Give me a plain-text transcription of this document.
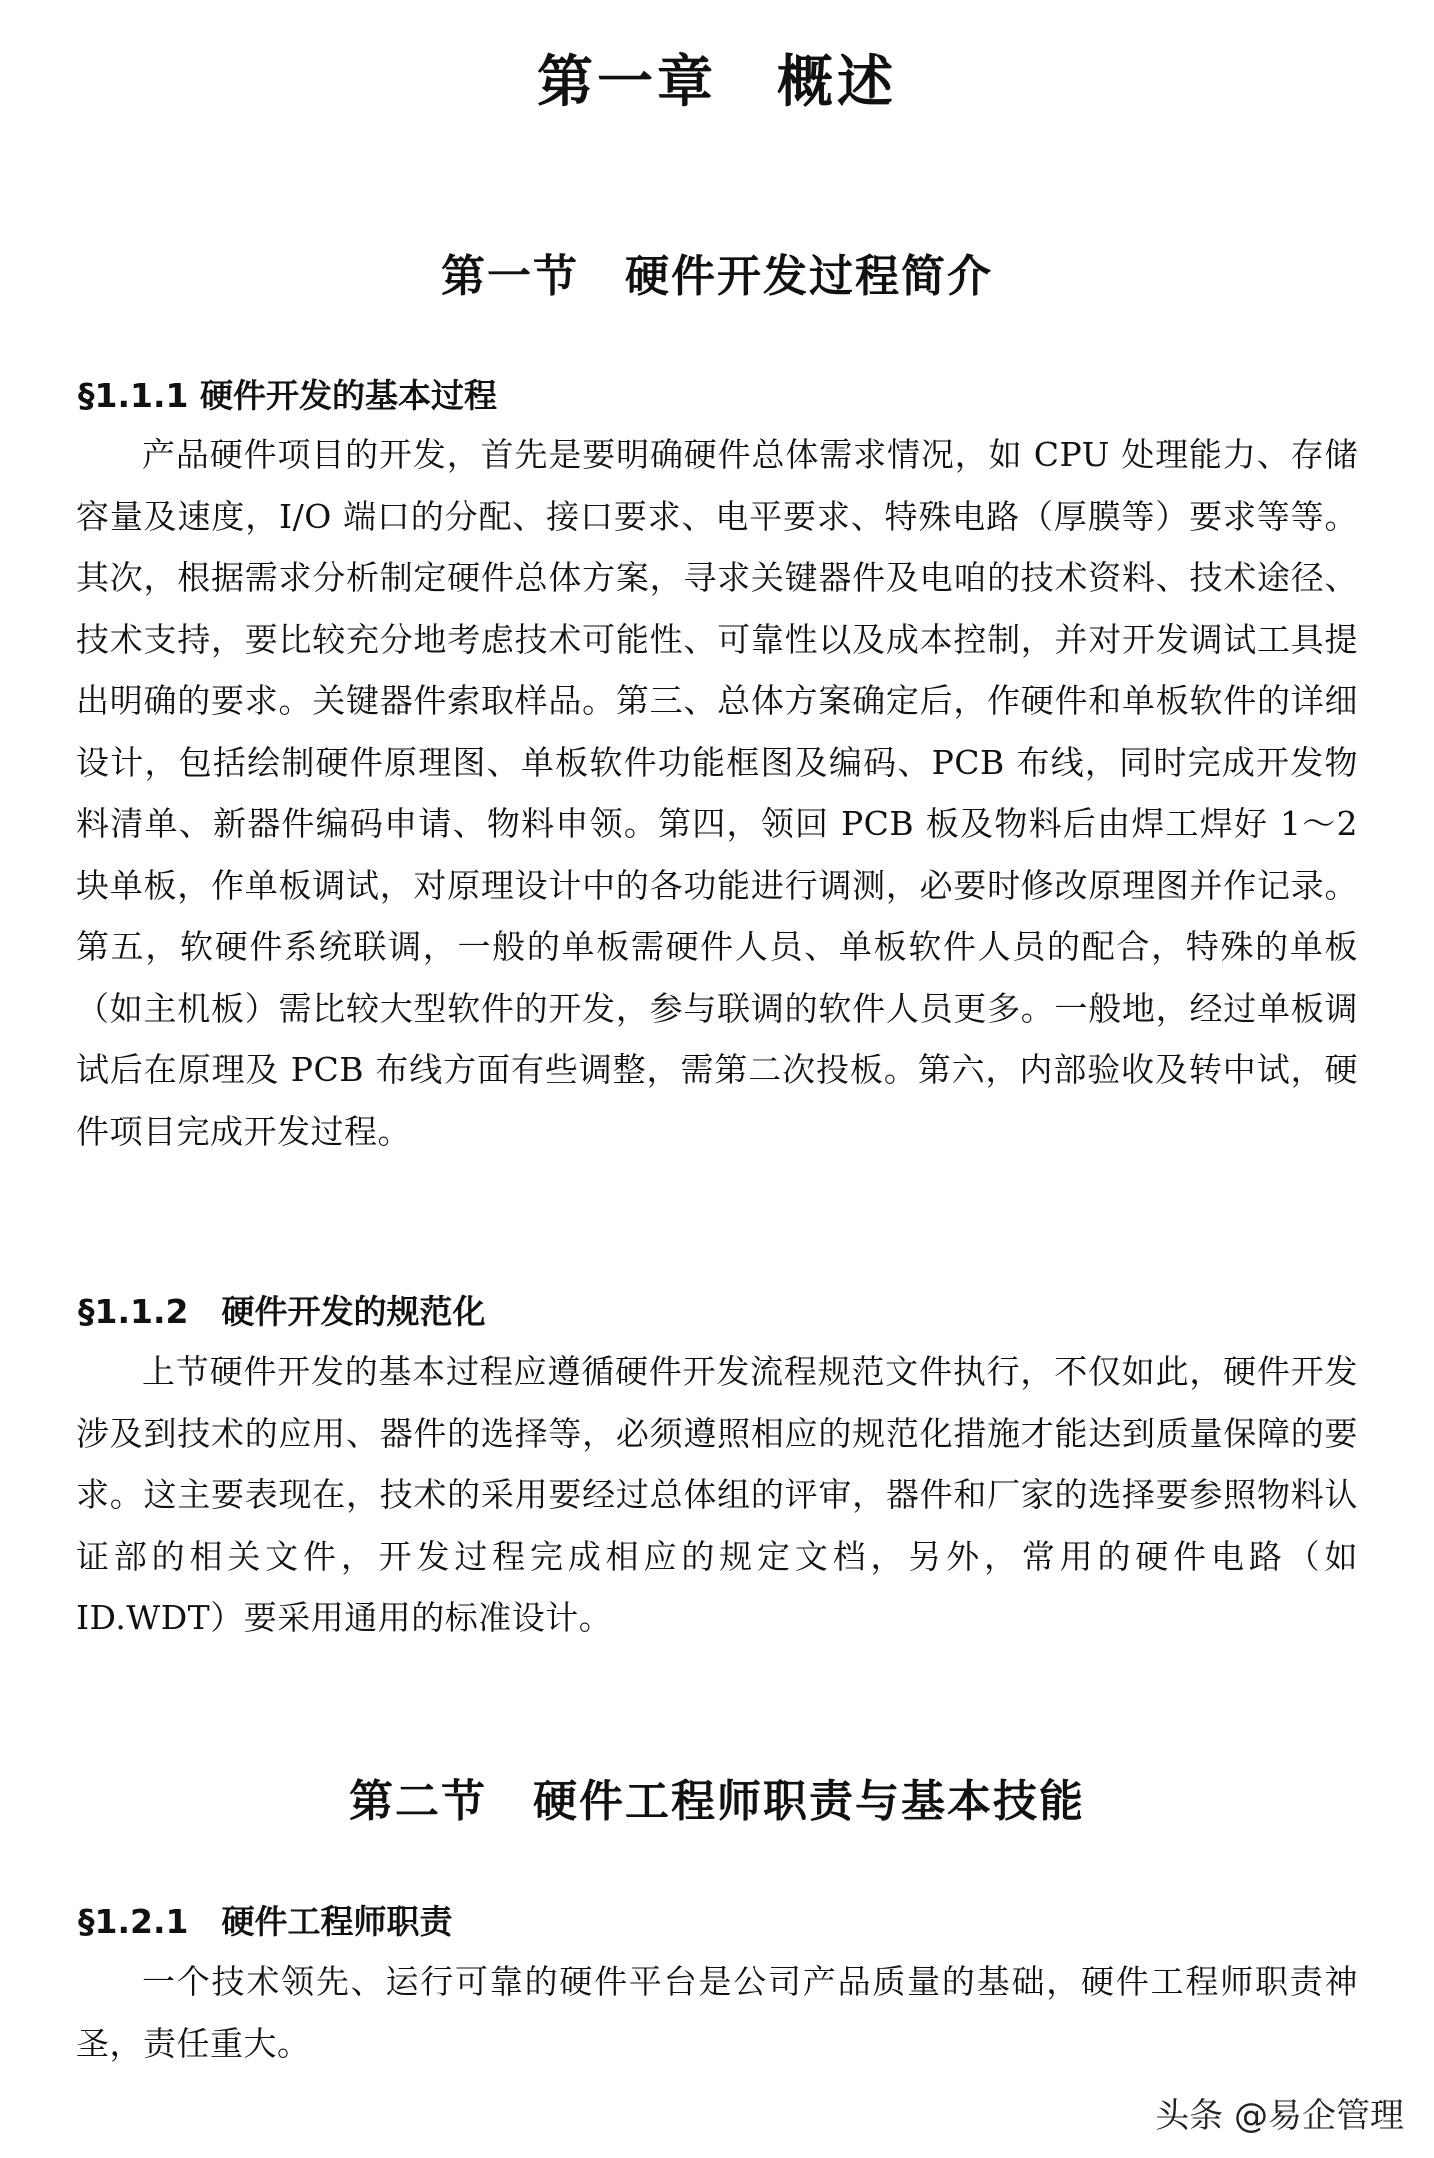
第一章　概述
第一节　硬件开发过程简介
§1.1.1 硬件开发的基本过程

产品硬件项目的开发，首先是要明确硬件总体需求情况，如 CPU 处理能力、存储容量及速度，I/O 端口的分配、接口要求、电平要求、特殊电路（厚膜等）要求等等。其次，根据需求分析制定硬件总体方案，寻求关键器件及电咱的技术资料、技术途径、技术支持，要比较充分地考虑技术可能性、可靠性以及成本控制，并对开发调试工具提出明确的要求。关键器件索取样品。第三、总体方案确定后，作硬件和单板软件的详细设计，包括绘制硬件原理图、单板软件功能框图及编码、PCB 布线，同时完成开发物料清单、新器件编码申请、物料申领。第四，领回 PCB 板及物料后由焊工焊好 1～2 块单板，作单板调试，对原理设计中的各功能进行调测，必要时修改原理图并作记录。第五，软硬件系统联调，一般的单板需硬件人员、单板软件人员的配合，特殊的单板（如主机板）需比较大型软件的开发，参与联调的软件人员更多。一般地，经过单板调试后在原理及 PCB 布线方面有些调整，需第二次投板。第六，内部验收及转中试，硬件项目完成开发过程。

§1.1.2　硬件开发的规范化

上节硬件开发的基本过程应遵循硬件开发流程规范文件执行，不仅如此，硬件开发涉及到技术的应用、器件的选择等，必须遵照相应的规范化措施才能达到质量保障的要求。这主要表现在，技术的采用要经过总体组的评审，器件和厂家的选择要参照物料认证部的相关文件，开发过程完成相应的规定文档，另外，常用的硬件电路（如 ID.WDT）要采用通用的标准设计。

第二节　硬件工程师职责与基本技能
§1.2.1　硬件工程师职责

一个技术领先、运行可靠的硬件平台是公司产品质量的基础，硬件工程师职责神圣，责任重大。

头条 @易企管理
